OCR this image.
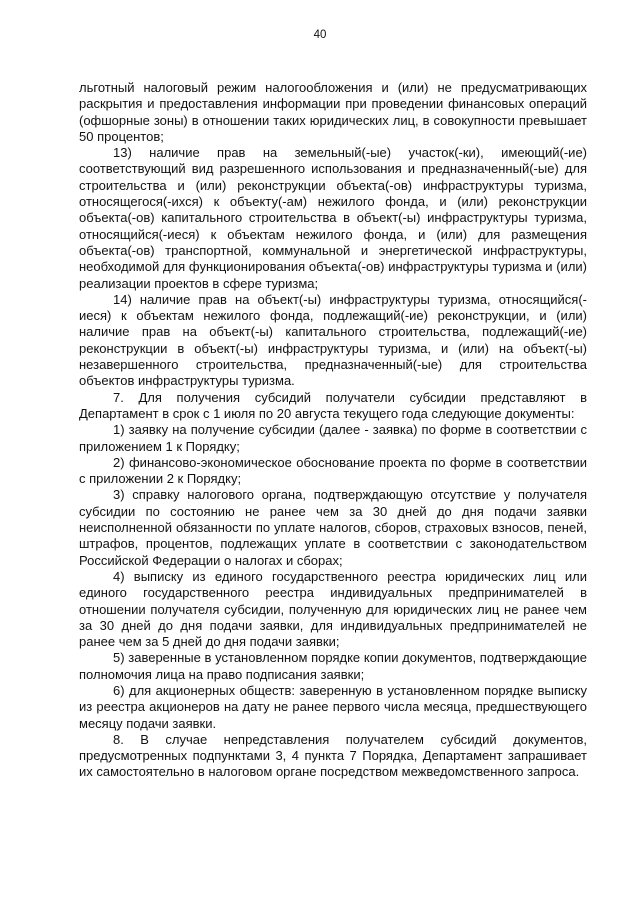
40

льготный налоговый режим налогообложения и (или) не предусматривающих раскрытия и предоставления информации при проведении финансовых операций (офшорные зоны) в отношении таких юридических лиц, в совокупности превышает 50 процентов;

13) наличие прав на земельный(-ые) участок(-ки), имеющий(-ие) соответствующий вид разрешенного использования и предназначенный(-ые) для строительства и (или) реконструкции объекта(-ов) инфраструктуры туризма, относящегося(-ихся) к объекту(-ам) нежилого фонда, и (или) реконструкции объекта(-ов) капитального строительства в объект(-ы) инфраструктуры туризма, относящийся(-иеся) к объектам нежилого фонда, и (или) для размещения объекта(-ов) транспортной, коммунальной и энергетической инфраструктуры, необходимой для функционирования объекта(-ов) инфраструктуры туризма и (или) реализации проектов в сфере туризма;

14) наличие прав на объект(-ы) инфраструктуры туризма, относящийся(-иеся) к объектам нежилого фонда, подлежащий(-ие) реконструкции, и (или) наличие прав на объект(-ы) капитального строительства, подлежащий(-ие) реконструкции в объект(-ы) инфраструктуры туризма, и (или) на объект(-ы) незавершенного строительства, предназначенный(-ые) для строительства объектов инфраструктуры туризма.

7. Для получения субсидий получатели субсидии представляют в Департамент в срок с 1 июля по 20 августа текущего года следующие документы:

1) заявку на получение субсидии (далее - заявка) по форме в соответствии с приложением 1 к Порядку;

2) финансово-экономическое обоснование проекта по форме в соответствии с приложении 2 к Порядку;

3) справку налогового органа, подтверждающую отсутствие у получателя субсидии по состоянию не ранее чем за 30 дней до дня подачи заявки неисполненной обязанности по уплате налогов, сборов, страховых взносов, пеней, штрафов, процентов, подлежащих уплате в соответствии с законодательством Российской Федерации о налогах и сборах;

4) выписку из единого государственного реестра юридических лиц или единого государственного реестра индивидуальных предпринимателей в отношении получателя субсидии, полученную для юридических лиц не ранее чем за 30 дней до дня подачи заявки, для индивидуальных предпринимателей не ранее чем за 5 дней до дня подачи заявки;

5) заверенные в установленном порядке копии документов, подтверждающие полномочия лица на право подписания заявки;

6) для акционерных обществ: заверенную в установленном порядке выписку из реестра акционеров на дату не ранее первого числа месяца, предшествующего месяцу подачи заявки.

8. В случае непредставления получателем субсидий документов, предусмотренных подпунктами 3, 4 пункта 7 Порядка, Департамент запрашивает их самостоятельно в налоговом органе посредством межведомственного запроса.
